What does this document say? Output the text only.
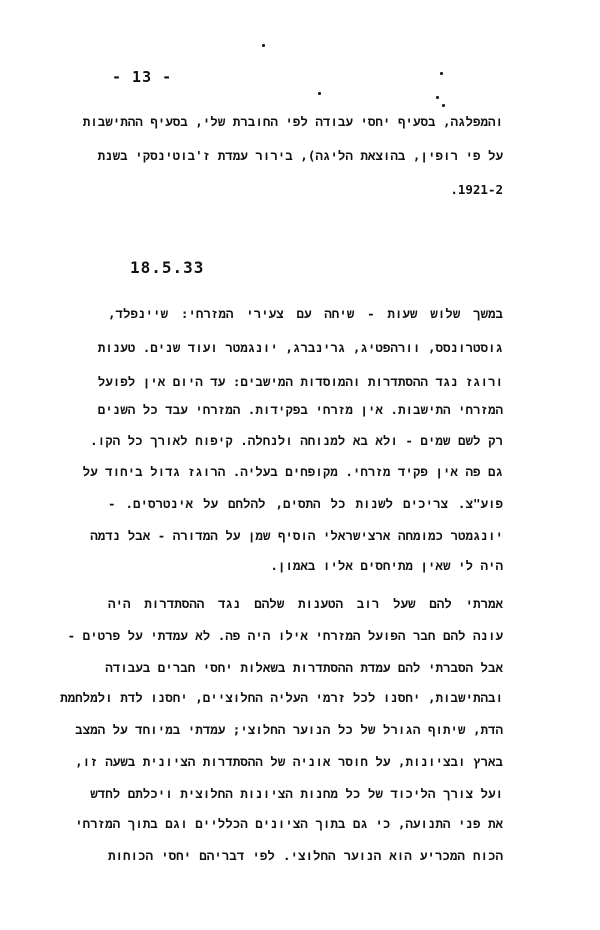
- 13 -
והמפלגה, בסעיף יחסי עבודה לפי החוברת שלי, בסעיף ההתישבות
על פי רופין, בהוצאת הליגה), בירור עמדת ז'בוטינסקי בשנת
.1921-2
18.5.33
במשך שלוש שעות - שיחה עם צעירי המזרחי: שיינפלד,
גוסטרונסס, וורהפטיג, גרינברג, יונגמטר ועוד שנים. טענות
ורוגז נגד ההסתדרות והמוסדות המישבים: עד היום אין לפועל
המזרחי התישבות. אין מזרחי בפקידות. המזרחי עבד כל השנים
רק לשם שמים - ולא בא למנוחה ולנחלה. קיפוח לאורך כל הקו.
גם פה אין פקיד מזרחי. מקופחים בעליה. הרוגז גדול ביחוד על
פוע"צ. צריכים לשנות כל התסים, להלחם על אינטרסים. -
יונגמטר כמומחה ארצישראלי הוסיף שמן על המדורה - אבל נדמה
היה לי שאין מתיחסים אליו באמון.
אמרתי להם שעל רוב הטענות שלהם נגד ההסתדרות היה
עונה להם חבר הפועל המזרחי אילו היה פה. לא עמדתי על פרטים -
אבל הסברתי להם עמדת ההסתדרות בשאלות יחסי חברים בעבודה
ובהתישבות, יחסנו לכל זרמי העליה החלוציים, יחסנו לדת ולמלחמת
הדת, שיתוף הגורל של כל הנוער החלוצי; עמדתי במיוחד על המצב
בארץ ובציונות, על חוסר אוניה של ההסתדרות הציונית בשעה זו,
ועל צורך הליכוד של כל מחנות הציונות החלוצית ויכלתם לחדש
את פני התנועה, כי גם בתוך הציונים הכלליים וגם בתוך המזרחי
הכוח המכריע הוא הנוער החלוצי. לפי דבריהם יחסי הכוחות
